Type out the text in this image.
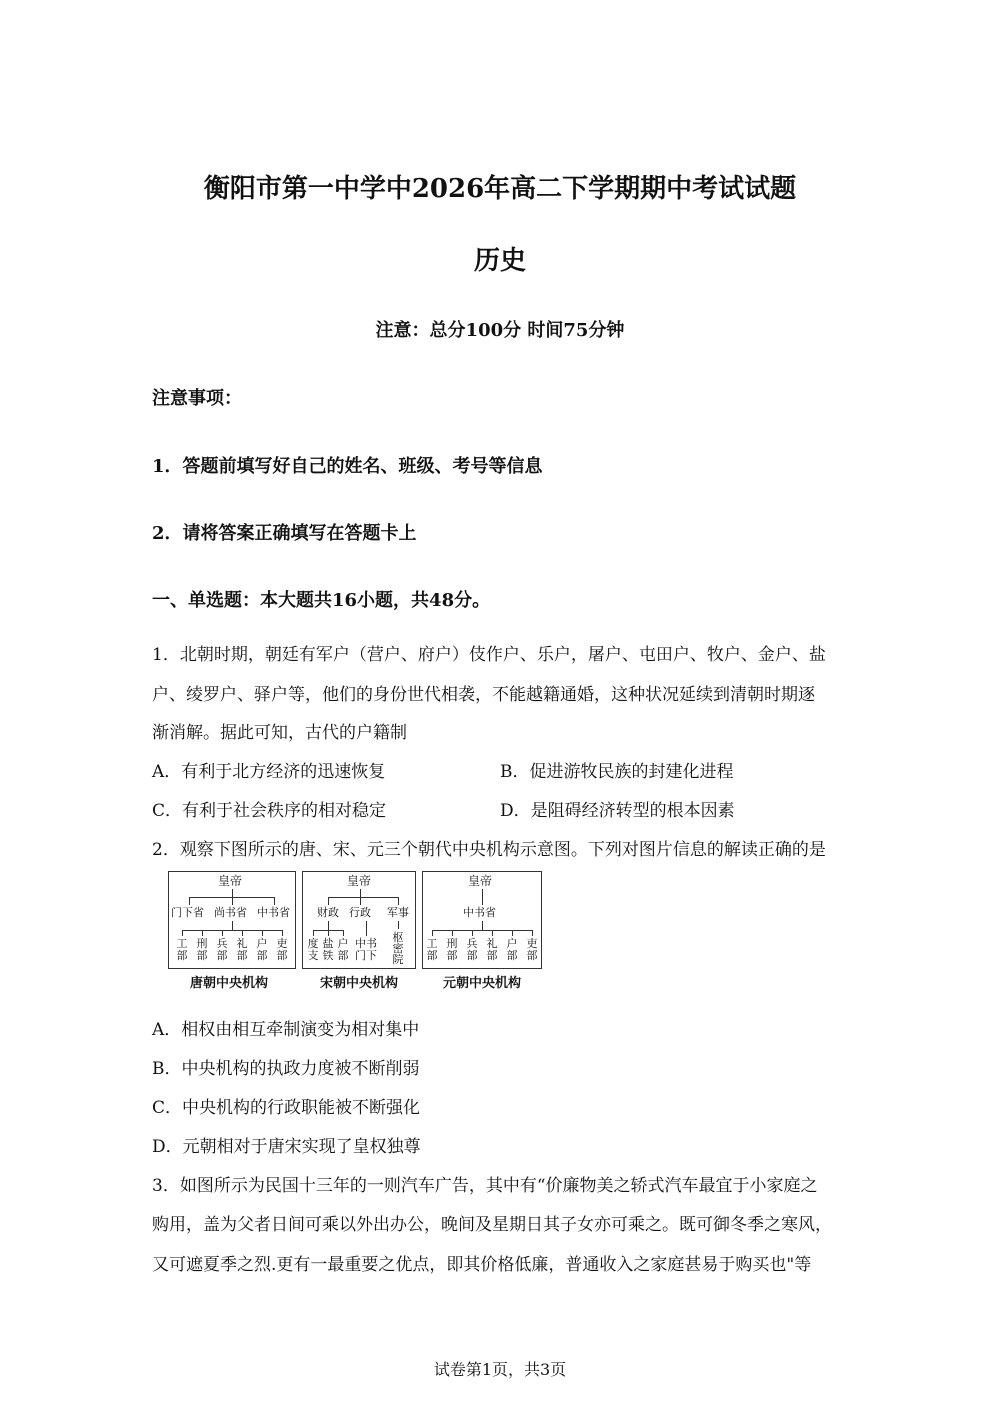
衡阳市第一中学中2026年高二下学期期中考试试题
历史
注意：总分100分 时间75分钟
注意事项：
1．答题前填写好自己的姓名、班级、考号等信息
2．请将答案正确填写在答题卡上
一、单选题：本大题共16小题，共48分。
1．北朝时期，朝廷有军户（营户、府户）伎作户、乐户，屠户、屯田户、牧户、金户、盐
户、绫罗户、驿户等，他们的身份世代相袭，不能越籍通婚，这种状况延续到清朝时期逐
渐消解。据此可知，古代的户籍制
A．有利于北方经济的迅速恢复	B．促进游牧民族的封建化进程
C．有利于社会秩序的相对稳定	D．是阻碍经济转型的根本因素
2．观察下图所示的唐、宋、元三个朝代中央机构示意图。下列对图片信息的解读正确的是
皇帝
门下省 尚书省 中书省
工部
刑部
兵部
礼部
户部
吏部
唐朝中央机构
皇帝
财政 行政 军事
度支
盐铁
户部
中书门下
枢密院
宋朝中央机构
皇帝
中书省
工部
刑部
兵部
礼部
户部
吏部
元朝中央机构
A．相权由相互牵制演变为相对集中
B．中央机构的执政力度被不断削弱
C．中央机构的行政职能被不断强化
D．元朝相对于唐宋实现了皇权独尊
3．如图所示为民国十三年的一则汽车广告，其中有“价廉物美之轿式汽车最宜于小家庭之
购用，盖为父者日间可乘以外出办公，晚间及星期日其子女亦可乘之。既可御冬季之寒风，
又可遮夏季之烈.更有一最重要之优点，即其价格低廉，普通收入之家庭甚易于购买也"等
试卷第1页，共3页
